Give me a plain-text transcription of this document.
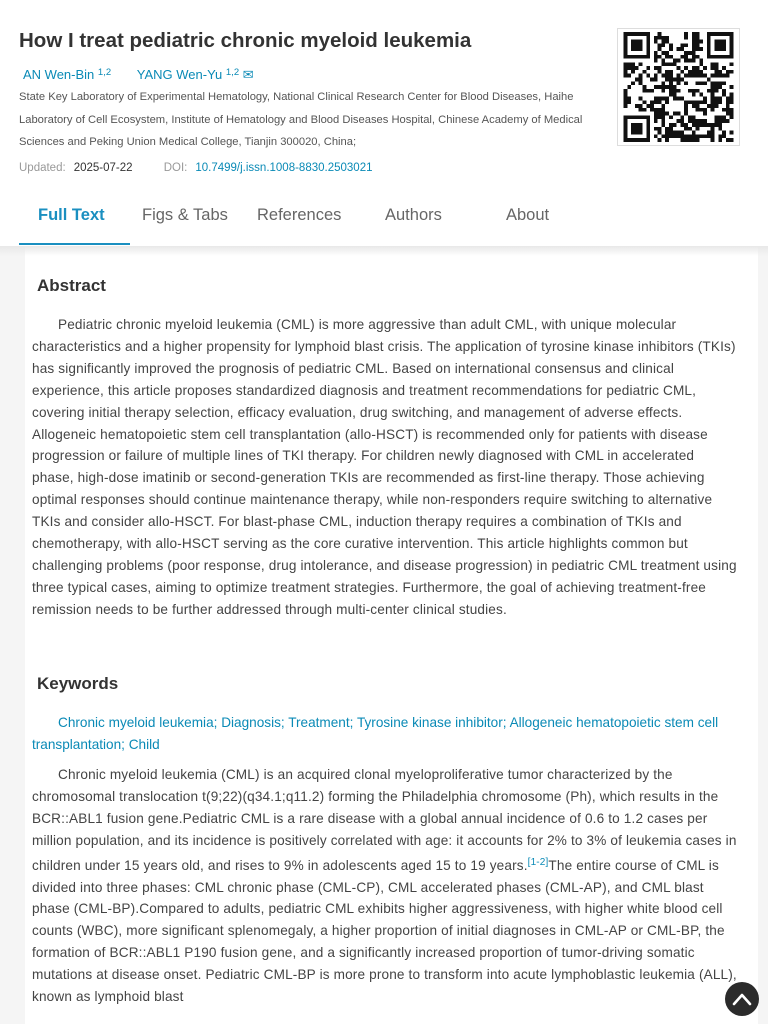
How I treat pediatric chronic myeloid leukemia
AN Wen-Bin $^{1,2}$ YANG Wen-Yu $^{1,2}$ ✉

State Key Laboratory of Experimental Hematology, National Clinical Research Center for Blood Diseases, Haihe Laboratory of Cell Ecosystem, Institute of Hematology and Blood Diseases Hospital, Chinese Academy of Medical Sciences and Peking Union Medical College, Tianjin 300020, China;

Updated: 2025-07-22	DOI: 10.7499/j.issn.1008-8830.2503021
Full Text Figs & Tabs References	Authors	About
Abstract

Pediatric chronic myeloid leukemia (CML) is more aggressive than adult CML, with unique molecular characteristics and a higher propensity for lymphoid blast crisis. The application of tyrosine kinase inhibitors (TKIs) has significantly improved the prognosis of pediatric CML. Based on international consensus and clinical experience, this article proposes standardized diagnosis and treatment recommendations for pediatric CML, covering initial therapy selection, efficacy evaluation, drug switching, and management of adverse effects. Allogeneic hematopoietic stem cell transplantation (allo-HSCT) is recommended only for patients with disease progression or failure of multiple lines of TKI therapy. For children newly diagnosed with CML in accelerated phase, high-dose imatinib or second-generation TKIs are recommended as first-line therapy. Those achieving optimal responses should continue maintenance therapy, while non-responders require switching to alternative TKIs and consider allo-HSCT. For blast-phase CML, induction therapy requires a combination of TKIs and chemotherapy, with allo-HSCT serving as the core curative intervention. This article highlights common but challenging problems (poor response, drug intolerance, and disease progression) in pediatric CML treatment using three typical cases, aiming to optimize treatment strategies. Furthermore, the goal of achieving treatment-free remission needs to be further addressed through multi-center clinical studies.

Keywords

Chronic myeloid leukemia; Diagnosis; Treatment; Tyrosine kinase inhibitor; Allogeneic hematopoietic stem cell transplantation; Child

Chronic myeloid leukemia (CML) is an acquired clonal myeloproliferative tumor characterized by the chromosomal translocation t(9;22)(q34.1;q11.2) forming the Philadelphia chromosome (Ph), which results in the BCR::ABL1 fusion gene.Pediatric CML is a rare disease with a global annual incidence of 0.6 to 1.2 cases per million population, and its incidence is positively correlated with age: it accounts for 2% to 3% of leukemia cases in children under 15 years old, and rises to 9% in adolescents aged 15 to 19 years.[1-2]The entire course of CML is divided into three phases: CML chronic phase (CML-CP), CML accelerated phases (CML-AP), and CML blast phase (CML-BP).Compared to adults, pediatric CML exhibits higher aggressiveness, with higher white blood cell counts (WBC), more significant splenomegaly, a higher proportion of initial diagnoses in CML-AP or CML-BP, the formation of BCR::ABL1 P190 fusion gene, and a significantly increased proportion of tumor-driving somatic mutations at disease onset. Pediatric CML-BP is more prone to transform into acute lymphoblastic leukemia (ALL), known as lymphoid blast
